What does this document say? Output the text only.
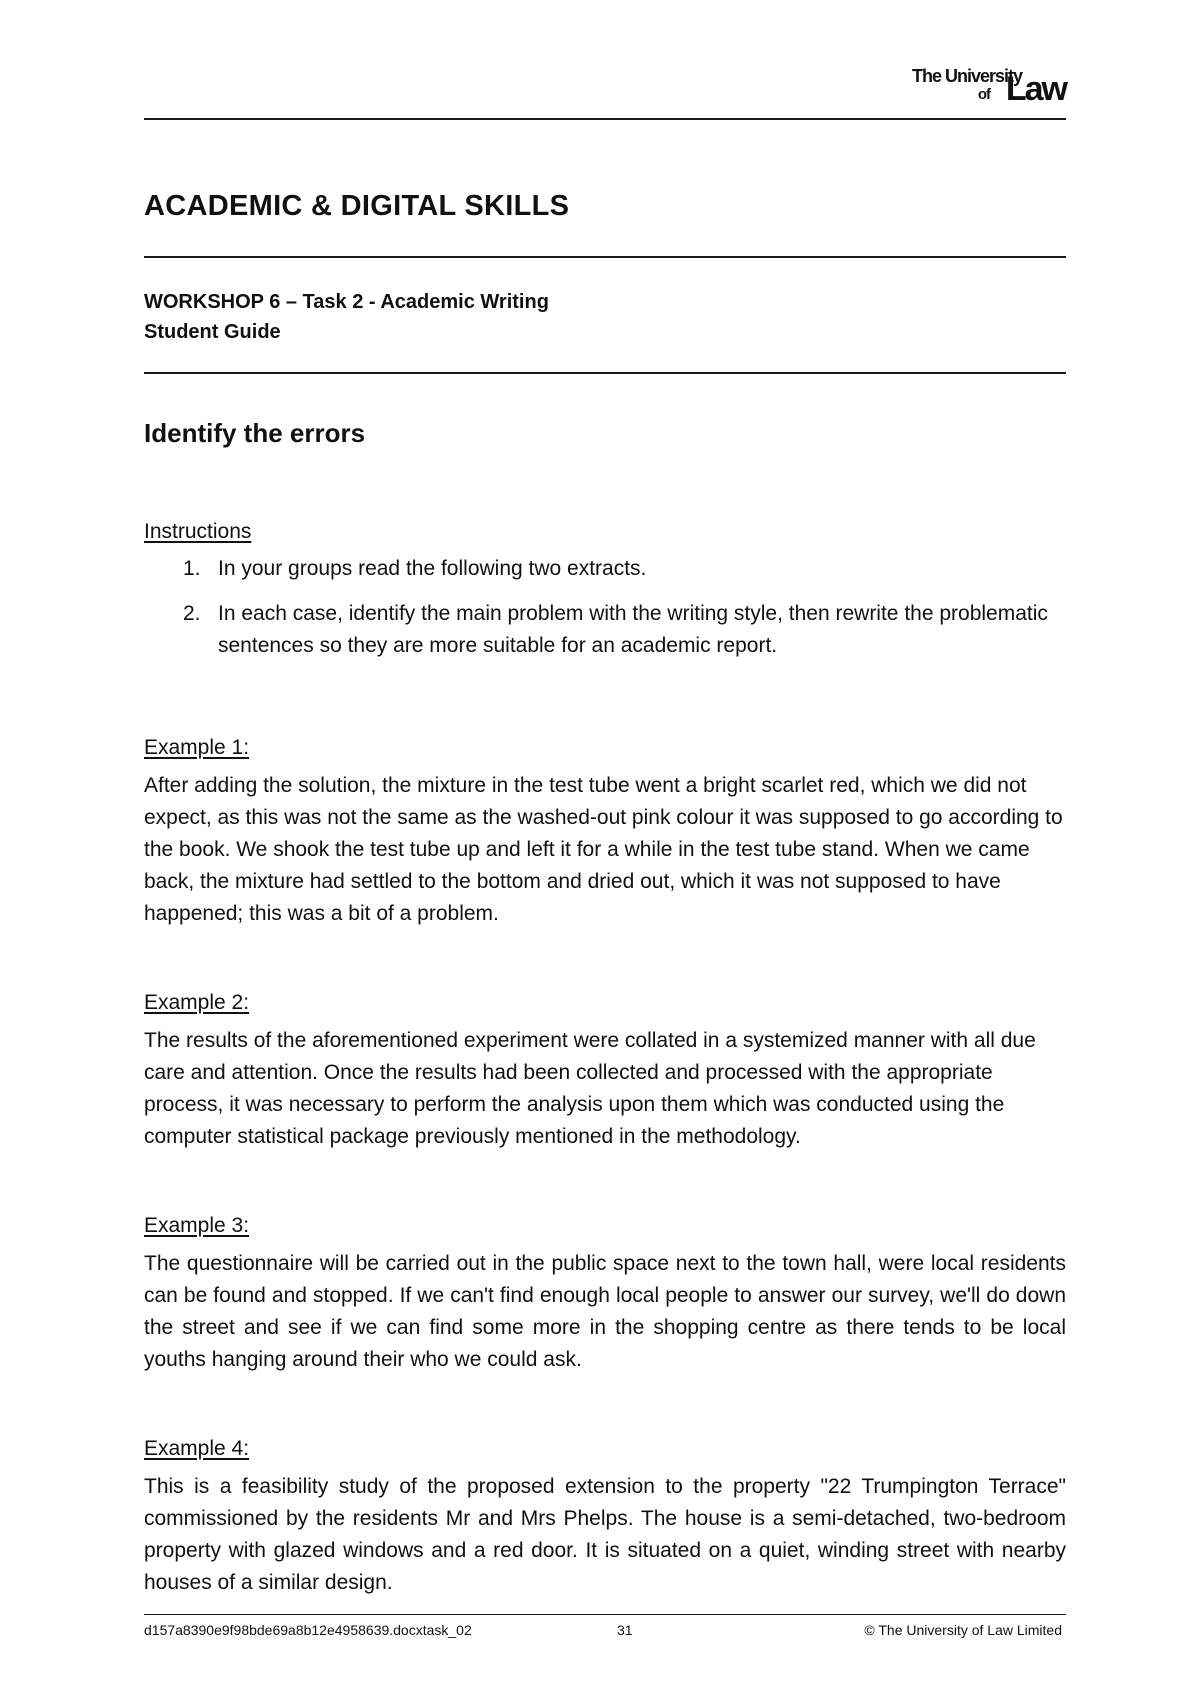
The University
of Law
ACADEMIC & DIGITAL SKILLS
WORKSHOP 6 – Task 2 - Academic Writing
Student Guide
Identify the errors
Instructions
1. In your groups read the following two extracts.
2. In each case, identify the main problem with the writing style, then rewrite the problematic sentences so they are more suitable for an academic report.
Example 1:

After adding the solution, the mixture in the test tube went a bright scarlet red, which we did not expect, as this was not the same as the washed-out pink colour it was supposed to go according to the book. We shook the test tube up and left it for a while in the test tube stand. When we came back, the mixture had settled to the bottom and dried out, which it was not supposed to have happened; this was a bit of a problem.

Example 2:

The results of the aforementioned experiment were collated in a systemized manner with all due care and attention. Once the results had been collected and processed with the appropriate process, it was necessary to perform the analysis upon them which was conducted using the computer statistical package previously mentioned in the methodology.

Example 3:

The questionnaire will be carried out in the public space next to the town hall, were local residents can be found and stopped. If we can't find enough local people to answer our survey, we'll do down the street and see if we can find some more in the shopping centre as there tends to be local youths hanging around their who we could ask.

Example 4:

This is a feasibility study of the proposed extension to the property "22 Trumpington Terrace" commissioned by the residents Mr and Mrs Phelps. The house is a semi-detached, two-bedroom property with glazed windows and a red door. It is situated on a quiet, winding street with nearby houses of a similar design.

d157a8390e9f98bde69a8b12e4958639.docxtask_02	31	© The University of Law Limited
